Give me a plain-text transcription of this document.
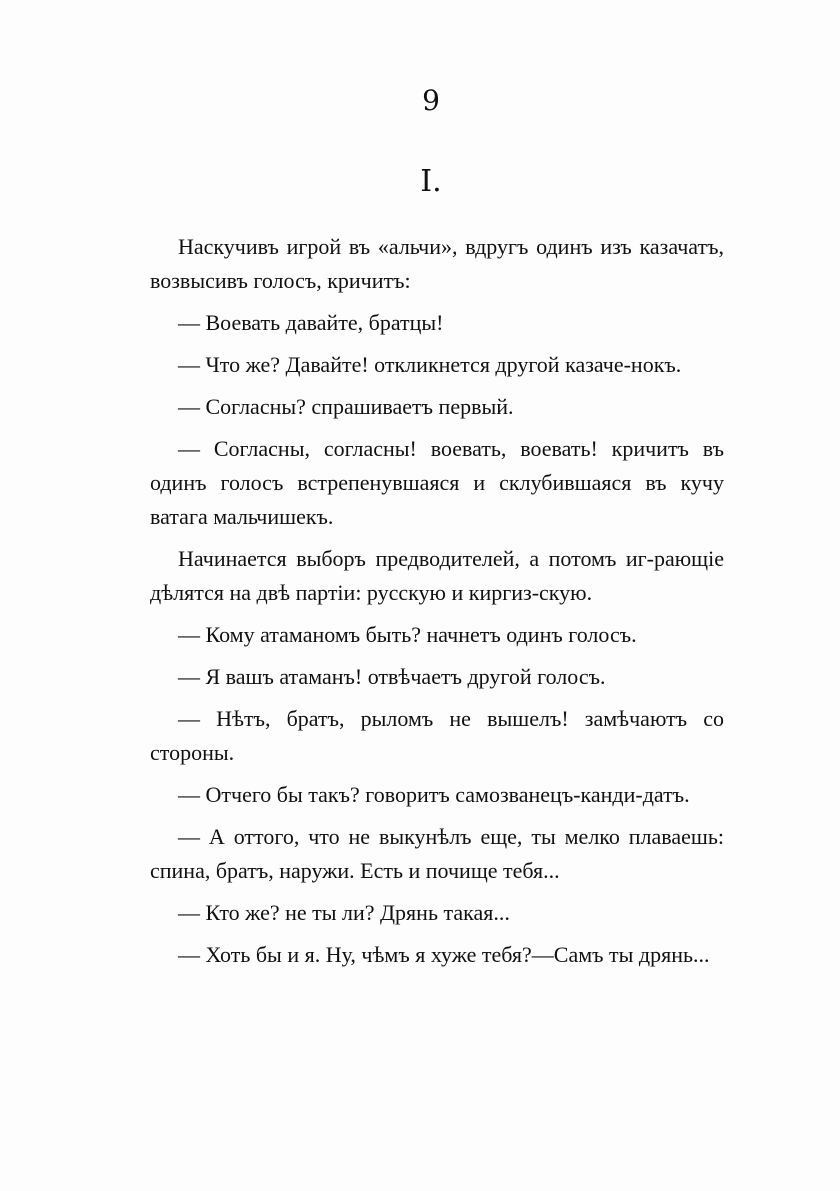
9
I.

Наскучивъ игрой въ «альчи», вдругъ одинъ изъ казачатъ, возвысивъ голосъ, кричитъ:

— Воевать давайте, братцы!

— Что же? Давайте! откликнется другой казаче-нокъ.

— Согласны? спрашиваетъ первый.

— Согласны, согласны! воевать, воевать! кричитъ въ одинъ голосъ встрепенувшаяся и склубившаяся въ кучу ватага мальчишекъ.

Начинается выборъ предводителей, а потомъ иг-рающіе дѣлятся на двѣ партіи: русскую и киргиз-скую.

— Кому атаманомъ быть? начнетъ одинъ голосъ.

— Я вашъ атаманъ! отвѣчаетъ другой голосъ.

— Нѣтъ, братъ, рыломъ не вышелъ! замѣчаютъ со стороны.

— Отчего бы такъ? говоритъ самозванецъ-канди-датъ.

— А оттого, что не выкунѣлъ еще, ты мелко плаваешь: спина, братъ, наружи. Есть и почище тебя...

— Кто же? не ты ли? Дрянь такая...

— Хоть бы и я. Ну, чѣмъ я хуже тебя?—Самъ ты дрянь...
